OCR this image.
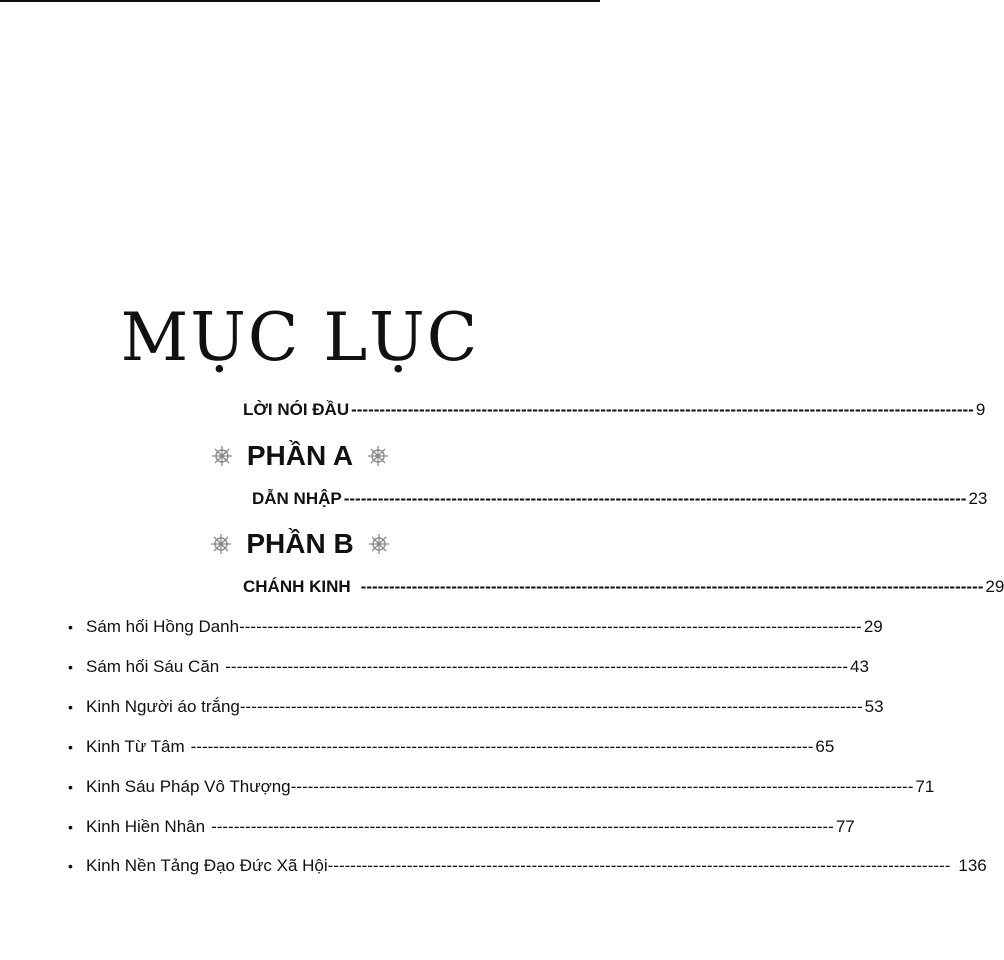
MỤC LỤC
LỜI NÓI ĐẦU -------------------------------------------------------------------------------------------------------------- 9
PHẦN A
DẪN NHẬP -------------------------------------------------------------------------------------------------------------- 23
PHẦN B
CHÁNH KINH -------------------------------------------------------------------------------------------------------------- 29
• Sám hối Hồng Danh -------------------------------------------------------------------------------------------------------------- 29
• Sám hối Sáu Căn -------------------------------------------------------------------------------------------------------------- 43
• Kinh Người áo trắng -------------------------------------------------------------------------------------------------------------- 53
• Kinh Từ Tâm -------------------------------------------------------------------------------------------------------------- 65
• Kinh Sáu Pháp Vô Thượng -------------------------------------------------------------------------------------------------------------- 71
• Kinh Hiền Nhân -------------------------------------------------------------------------------------------------------------- 77
• Kinh Nền Tảng Đạo Đức Xã Hội -------------------------------------------------------------------------------------------------------------- 136
